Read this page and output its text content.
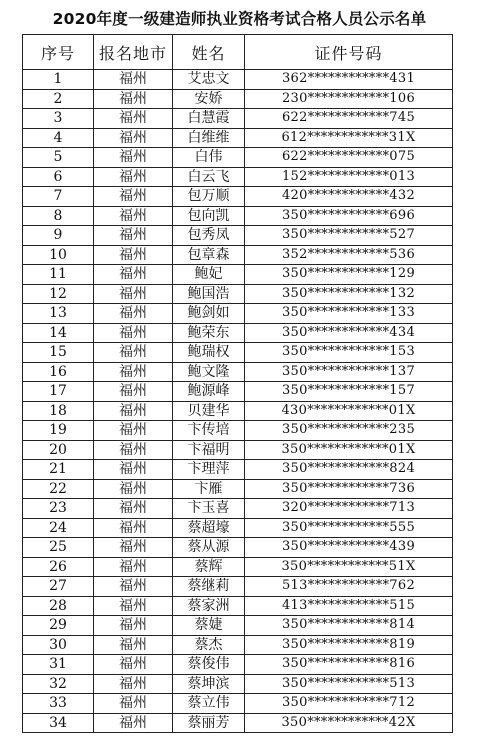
2020年度一级建造师执业资格考试合格人员公示名单
序号	报名地市	姓名	证件号码
1	福州	艾忠文	362************431
2	福州	安娇	230************106
3	福州	白慧霞	622************745
4	福州	白维维	612************31X
5	福州	白伟	622************075
6	福州	白云飞	152************013
7	福州	包万顺	420************432
8	福州	包向凯	350************696
9	福州	包秀凤	350************527
10	福州	包章森	352************536
11	福州	鲍妃	350************129
12	福州	鲍国浩	350************132
13	福州	鲍剑如	350************133
14	福州	鲍荣东	350************434
15	福州	鲍瑞权	350************153
16	福州	鲍文隆	350************137
17	福州	鲍源峰	350************157
18	福州	贝建华	430************01X
19	福州	卞传培	350************235
20	福州	卞福明	350************01X
21	福州	卞理萍	350************824
22	福州	卞雁	350************736
23	福州	卞玉喜	320************713
24	福州	蔡超壕	350************555
25	福州	蔡从源	350************439
26	福州	蔡辉	350************51X
27	福州	蔡继莉	513************762
28	福州	蔡家洲	413************515
29	福州	蔡婕	350************814
30	福州	蔡杰	350************819
31	福州	蔡俊伟	350************816
32	福州	蔡坤滨	350************513
33	福州	蔡立伟	350************712
34	福州	蔡丽芳	350************42X
